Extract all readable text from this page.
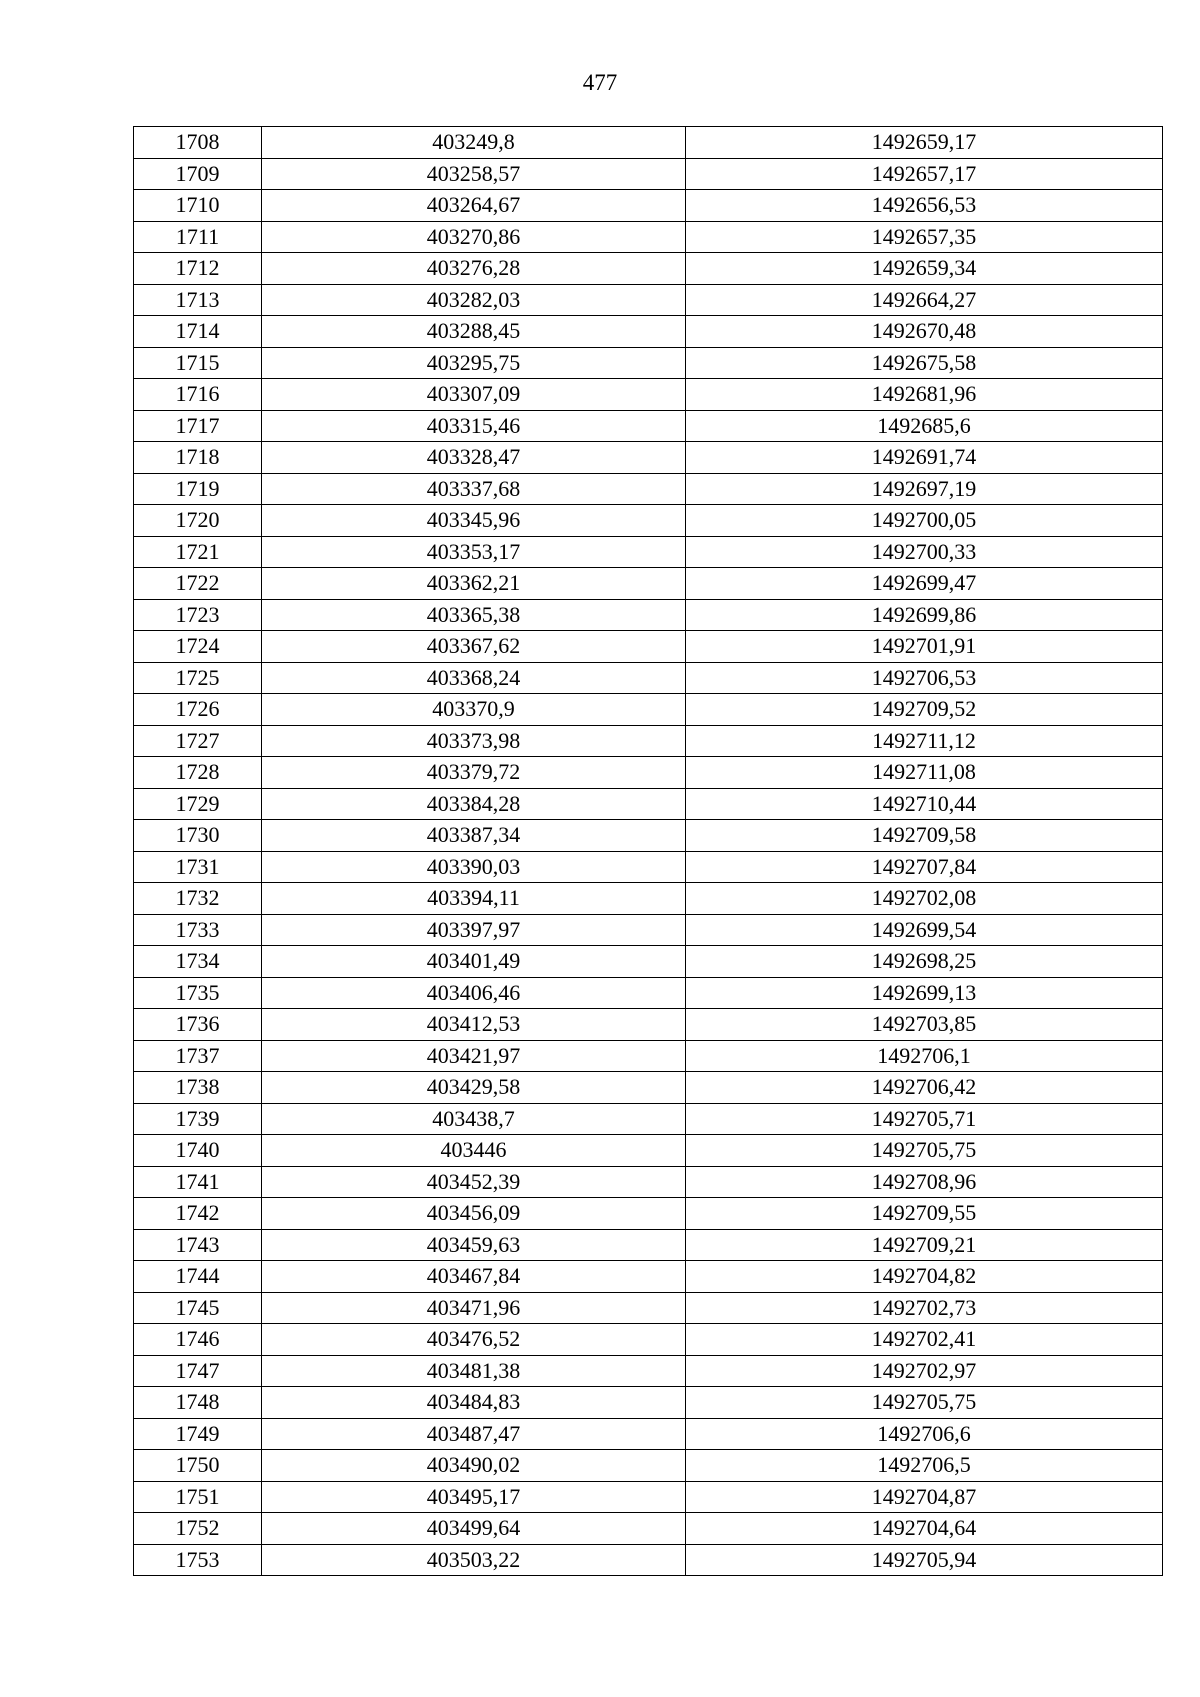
477
1708	403249,8	1492659,17
1709	403258,57	1492657,17
1710	403264,67	1492656,53
1711	403270,86	1492657,35
1712	403276,28	1492659,34
1713	403282,03	1492664,27
1714	403288,45	1492670,48
1715	403295,75	1492675,58
1716	403307,09	1492681,96
1717	403315,46	1492685,6
1718	403328,47	1492691,74
1719	403337,68	1492697,19
1720	403345,96	1492700,05
1721	403353,17	1492700,33
1722	403362,21	1492699,47
1723	403365,38	1492699,86
1724	403367,62	1492701,91
1725	403368,24	1492706,53
1726	403370,9	1492709,52
1727	403373,98	1492711,12
1728	403379,72	1492711,08
1729	403384,28	1492710,44
1730	403387,34	1492709,58
1731	403390,03	1492707,84
1732	403394,11	1492702,08
1733	403397,97	1492699,54
1734	403401,49	1492698,25
1735	403406,46	1492699,13
1736	403412,53	1492703,85
1737	403421,97	1492706,1
1738	403429,58	1492706,42
1739	403438,7	1492705,71
1740	403446	1492705,75
1741	403452,39	1492708,96
1742	403456,09	1492709,55
1743	403459,63	1492709,21
1744	403467,84	1492704,82
1745	403471,96	1492702,73
1746	403476,52	1492702,41
1747	403481,38	1492702,97
1748	403484,83	1492705,75
1749	403487,47	1492706,6
1750	403490,02	1492706,5
1751	403495,17	1492704,87
1752	403499,64	1492704,64
1753	403503,22	1492705,94
